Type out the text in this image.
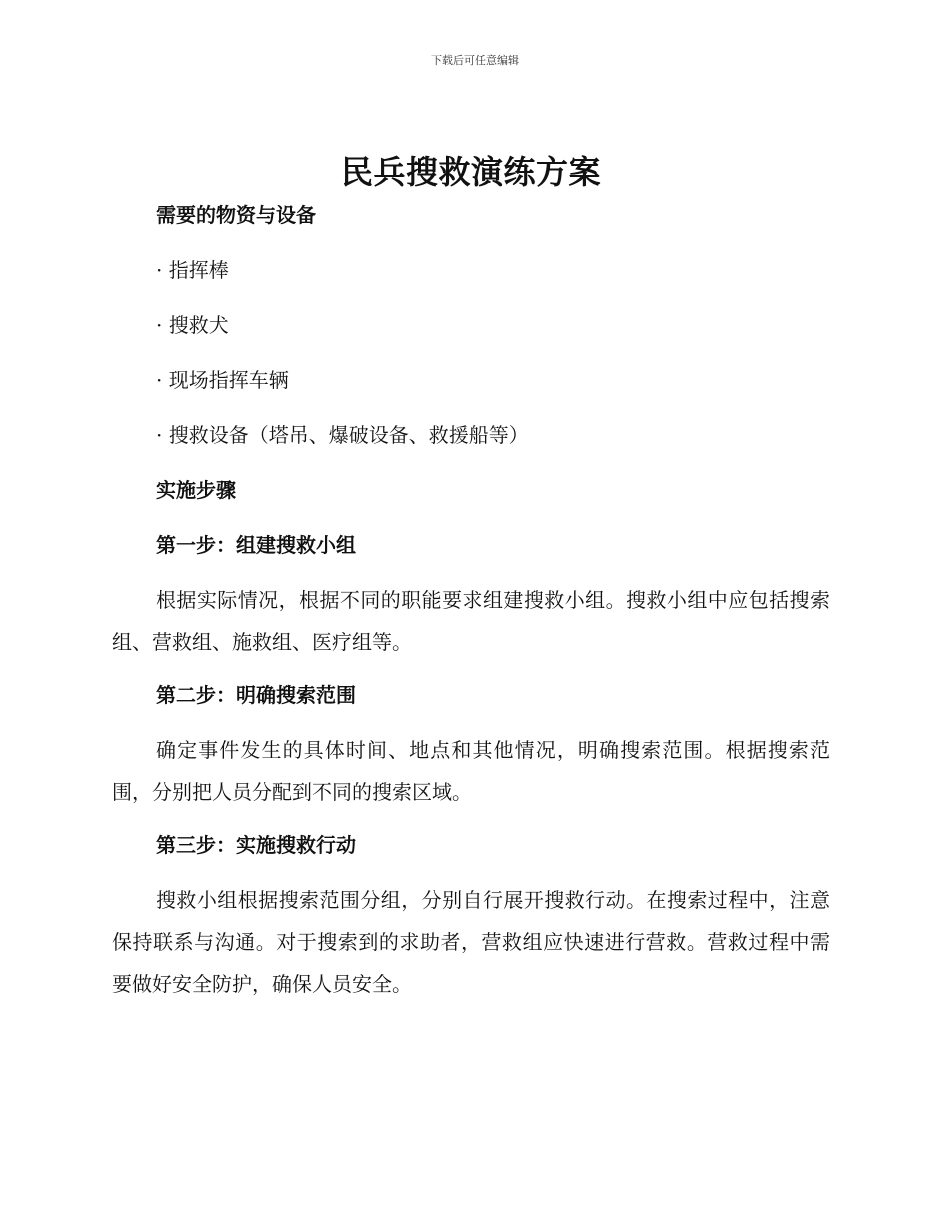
下载后可任意编辑
民兵搜救演练方案
需要的物资与设备
· 指挥棒
· 搜救犬
· 现场指挥车辆
· 搜救设备（塔吊、爆破设备、救援船等）
实施步骤
第一步：组建搜救小组

根据实际情况，根据不同的职能要求组建搜救小组。搜救小组中应包括搜索组、营救组、施救组、医疗组等。

第二步：明确搜索范围

确定事件发生的具体时间、地点和其他情况，明确搜索范围。根据搜索范围，分别把人员分配到不同的搜索区域。

第三步：实施搜救行动

搜救小组根据搜索范围分组，分别自行展开搜救行动。在搜索过程中，注意保持联系与沟通。对于搜索到的求助者，营救组应快速进行营救。营救过程中需要做好安全防护，确保人员安全。
